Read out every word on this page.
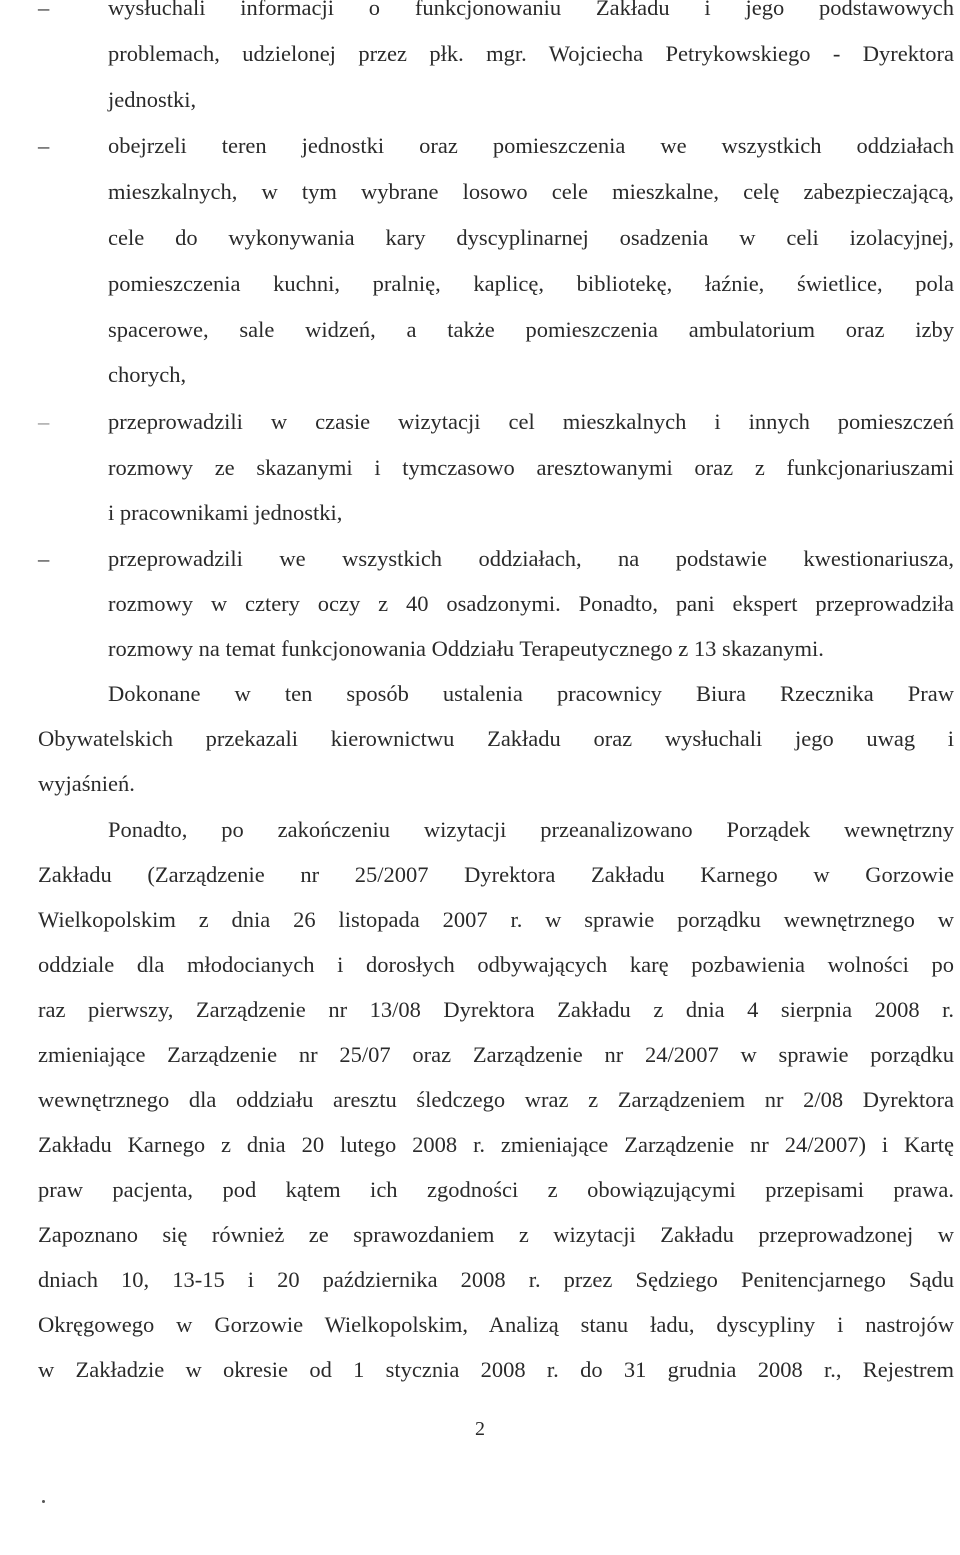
–	wysłuchali informacji o funkcjonowaniu Zakładu i jego podstawowych
problemach, udzielonej przez płk. mgr. Wojciecha Petrykowskiego - Dyrektora
jednostki,
–	obejrzeli teren jednostki oraz pomieszczenia we wszystkich oddziałach
mieszkalnych, w tym wybrane losowo cele mieszkalne, celę zabezpieczającą,
cele do wykonywania kary dyscyplinarnej osadzenia w celi izolacyjnej,
pomieszczenia kuchni, pralnię, kaplicę, bibliotekę, łaźnie, świetlice, pola
spacerowe, sale widzeń, a także pomieszczenia ambulatorium oraz izby
chorych,
–	przeprowadzili w czasie wizytacji cel mieszkalnych i innych pomieszczeń
rozmowy ze skazanymi i tymczasowo aresztowanymi oraz z funkcjonariuszami
i pracownikami jednostki,
–	przeprowadzili we wszystkich oddziałach, na podstawie kwestionariusza,
rozmowy w cztery oczy z 40 osadzonymi. Ponadto, pani ekspert przeprowadziła
rozmowy na temat funkcjonowania Oddziału Terapeutycznego z 13 skazanymi.
Dokonane w ten sposób ustalenia pracownicy Biura Rzecznika Praw
Obywatelskich przekazali kierownictwu Zakładu oraz wysłuchali jego uwag i
wyjaśnień.
Ponadto, po zakończeniu wizytacji przeanalizowano Porządek wewnętrzny
Zakładu (Zarządzenie nr 25/2007 Dyrektora Zakładu Karnego w Gorzowie
Wielkopolskim z dnia 26 listopada 2007 r. w sprawie porządku wewnętrznego w
oddziale dla młodocianych i dorosłych odbywających karę pozbawienia wolności po
raz pierwszy, Zarządzenie nr 13/08 Dyrektora Zakładu z dnia 4 sierpnia 2008 r.
zmieniające Zarządzenie nr 25/07 oraz Zarządzenie nr 24/2007 w sprawie porządku
wewnętrznego dla oddziału aresztu śledczego wraz z Zarządzeniem nr 2/08 Dyrektora
Zakładu Karnego z dnia 20 lutego 2008 r. zmieniające Zarządzenie nr 24/2007) i Kartę
praw pacjenta, pod kątem ich zgodności z obowiązującymi przepisami prawa.
Zapoznano się również ze sprawozdaniem z wizytacji Zakładu przeprowadzonej w
dniach 10, 13-15 i 20 października 2008 r. przez Sędziego Penitencjarnego Sądu
Okręgowego w Gorzowie Wielkopolskim, Analizą stanu ładu, dyscypliny i nastrojów
w Zakładzie w okresie od 1 stycznia 2008 r. do 31 grudnia 2008 r., Rejestrem
2
